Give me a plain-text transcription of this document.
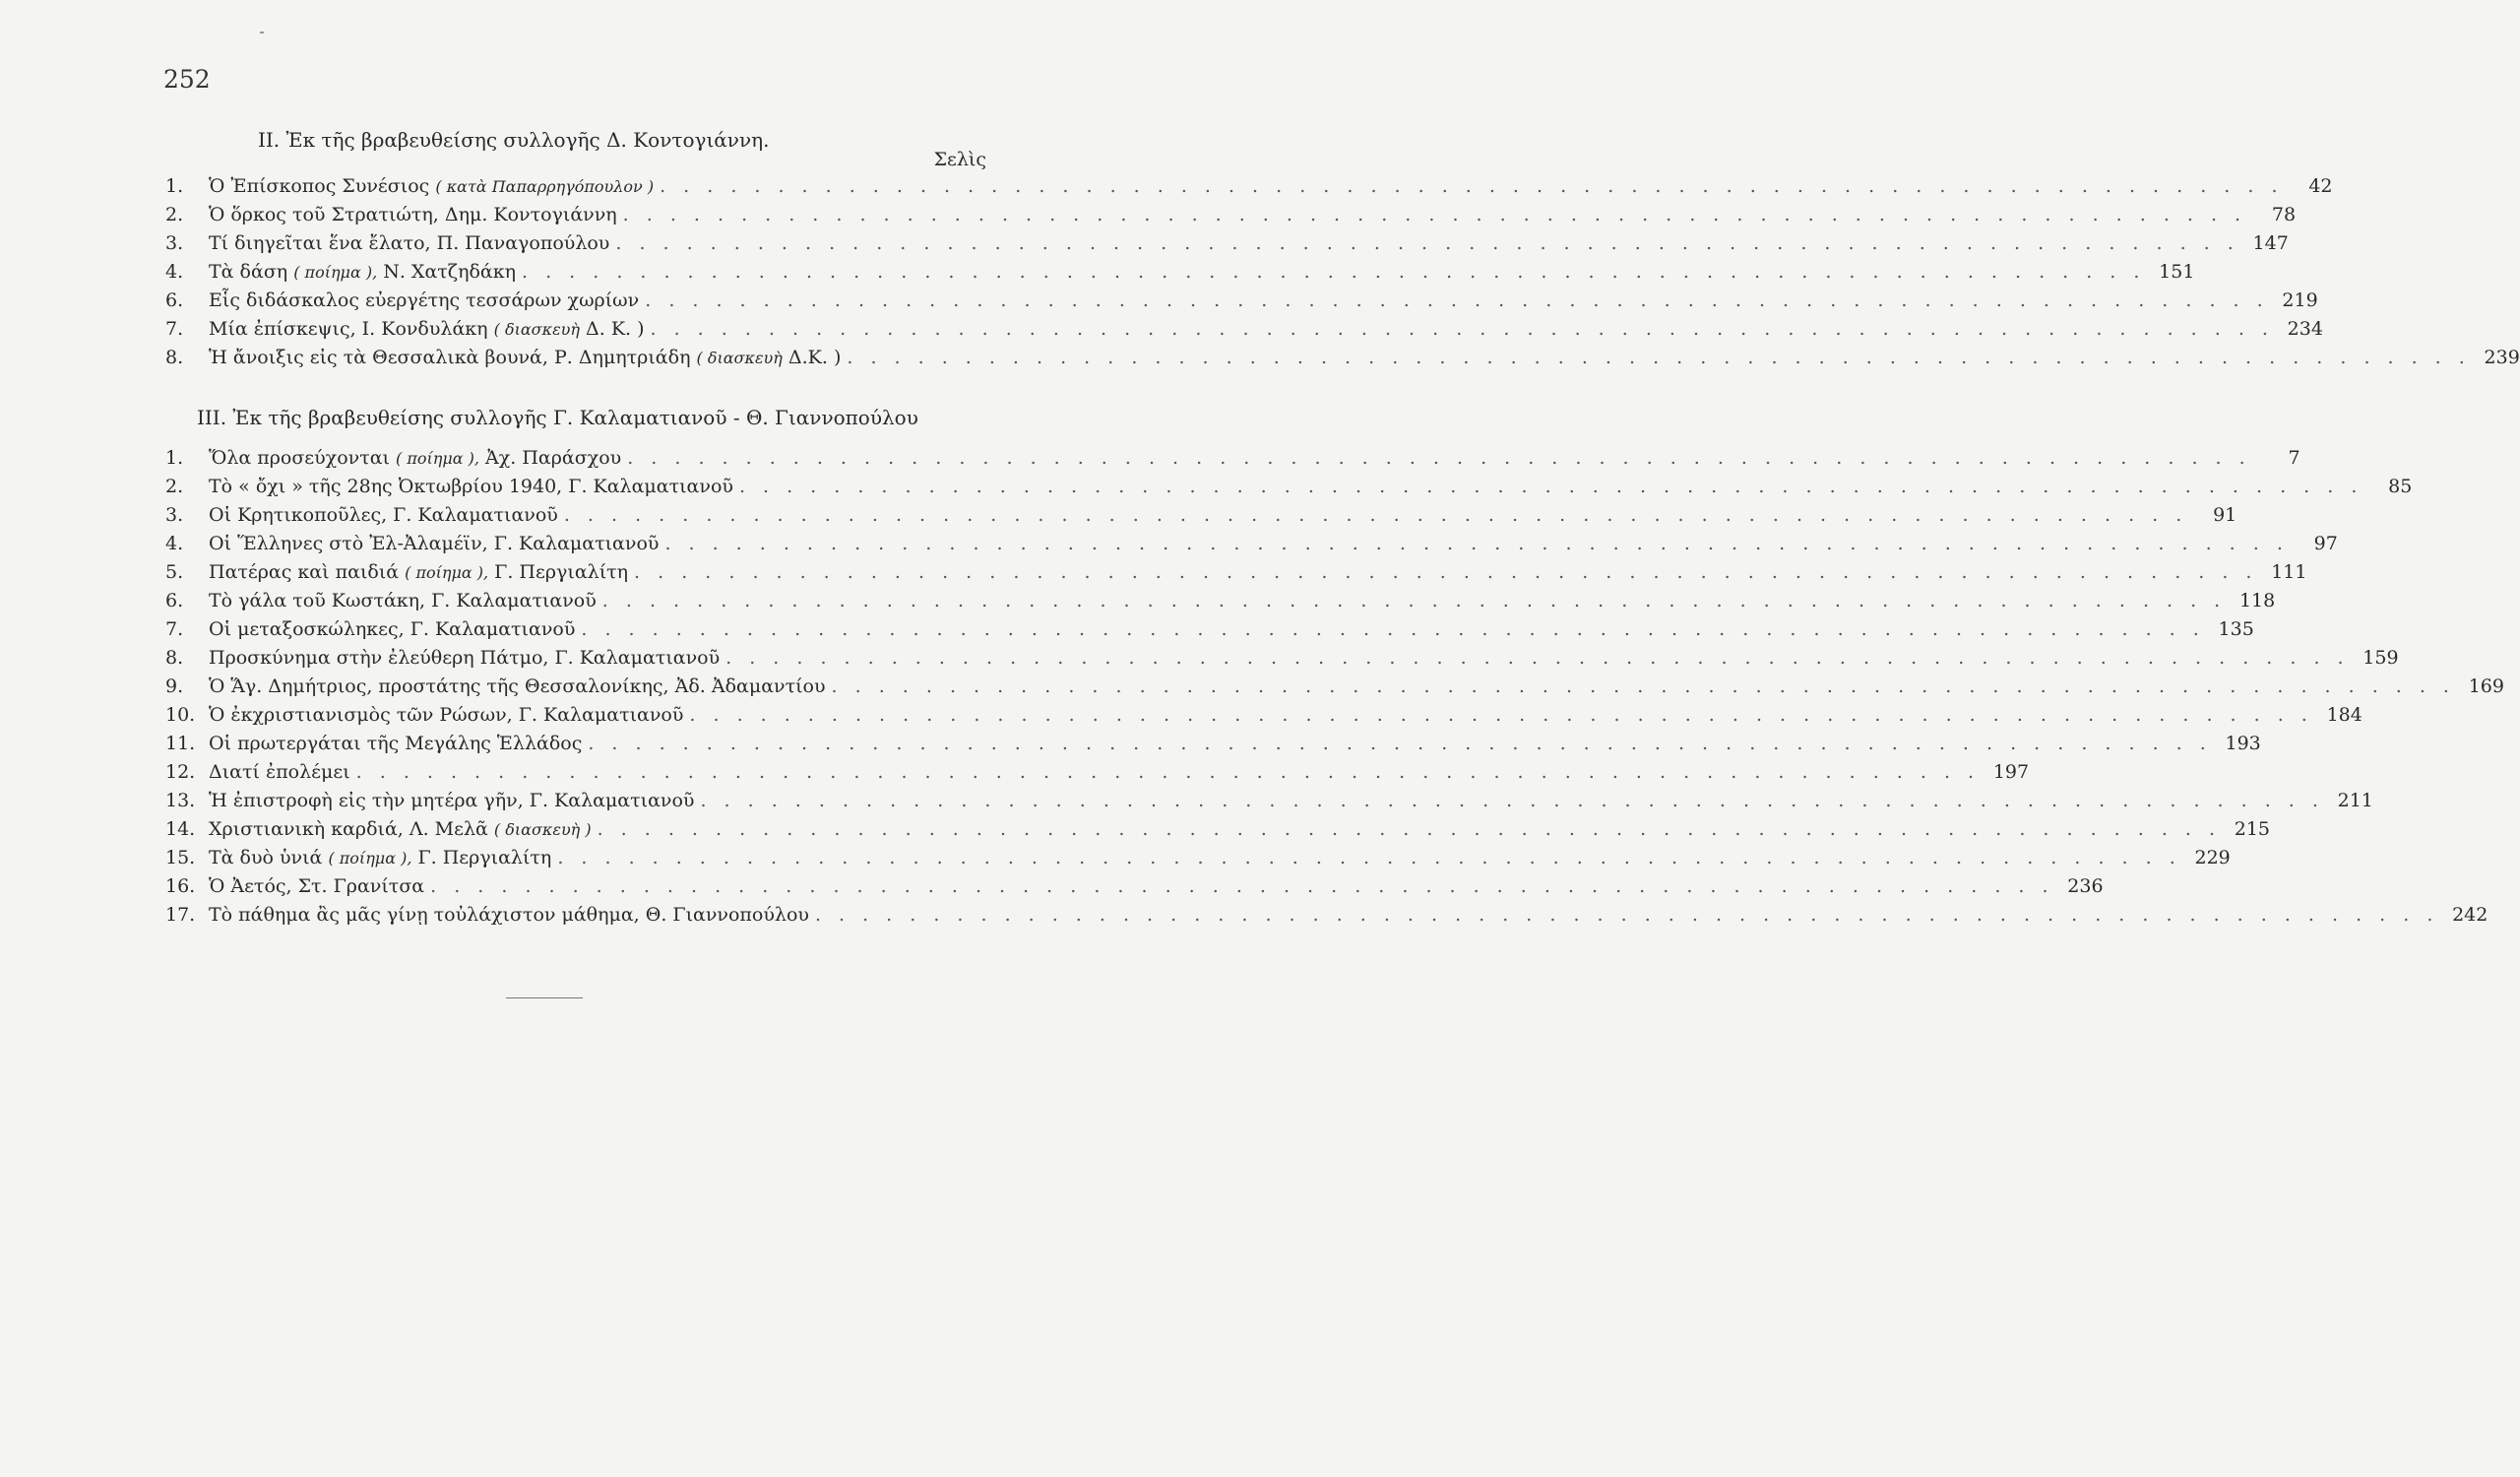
252
II. Ἐκ τῆς βραβευθείσης συλλογῆς Δ. Κοντογιάννη.
Σελὶς
1.	Ὁ Ἐπίσκοπος Συνέσιος ( κατὰ Παπαρρηγόπουλον ) . . .	42
2.	Ὁ ὅρκος τοῦ Στρατιώτη, Δημ. Κοντογιάννη . . .	78
3.	Τί διηγεῖται ἕνα ἔλατο, Π. Παναγοπούλου . . .	147
4.	Τὰ δάση ( ποίημα ), Ν. Χατζηδάκη . . .	151
6.	Εἷς διδάσκαλος εὐεργέτης τεσσάρων χωρίων . . .	219
7.	Μία ἐπίσκεψις, Ι. Κονδυλάκη ( διασκευὴ Δ. Κ. ) . . .	234
8.	Ἡ ἄνοιξις εἰς τὰ Θεσσαλικὰ βουνά, Ρ. Δημητριάδη ( διασκευὴ Δ.Κ. ) . . .	239
III. Ἐκ τῆς βραβευθείσης συλλογῆς Γ. Καλαματιανοῦ - Θ. Γιαννοπούλου
1.	Ὅλα προσεύχονται ( ποίημα ), Ἀχ. Παράσχου . . .	7
2.	Τὸ « ὄχι » τῆς 28ης Ὀκτωβρίου 1940, Γ. Καλαματιανοῦ . . .	85
3.	Οἱ Κρητικοποῦλες, Γ. Καλαματιανοῦ . . .	91
4.	Οἱ Ἕλληνες στὸ Ἐλ-Ἀλαμέϊν, Γ. Καλαματιανοῦ . . .	97
5.	Πατέρας καὶ παιδιά ( ποίημα ), Γ. Περγιαλίτη . . .	111
6.	Τὸ γάλα τοῦ Κωστάκη, Γ. Καλαματιανοῦ . . .	118
7.	Οἱ μεταξοσκώληκες, Γ. Καλαματιανοῦ . . .	135
8.	Προσκύνημα στὴν ἐλεύθερη Πάτμο, Γ. Καλαματιανοῦ . . .	159
9.	Ὁ Ἅγ. Δημήτριος, προστάτης τῆς Θεσσαλονίκης, Ἀδ. Ἀδαμαντίου . . .	169
10. Ὁ ἐκχριστιανισμὸς τῶν Ρώσων, Γ. Καλαματιανοῦ . . .	184
11. Οἱ πρωτεργάται τῆς Μεγάλης Ἑλλάδος . . .	193
12. Διατί ἐπολέμει . . .	197
13. Ἡ ἐπιστροφὴ εἰς τὴν μητέρα γῆν, Γ. Καλαματιανοῦ . . .	211
14. Χριστιανικὴ καρδιά, Λ. Μελᾶ ( διασκευὴ ) . . .	215
15. Τὰ δυὸ ὑνιά ( ποίημα ), Γ. Περγιαλίτη . . .	229
16. Ὁ Ἀετός, Στ. Γρανίτσα . . .	236
17. Τὸ πάθημα ἂς μᾶς γίνῃ τοὐλάχιστον μάθημα, Θ. Γιαννοπούλου . . .	242
